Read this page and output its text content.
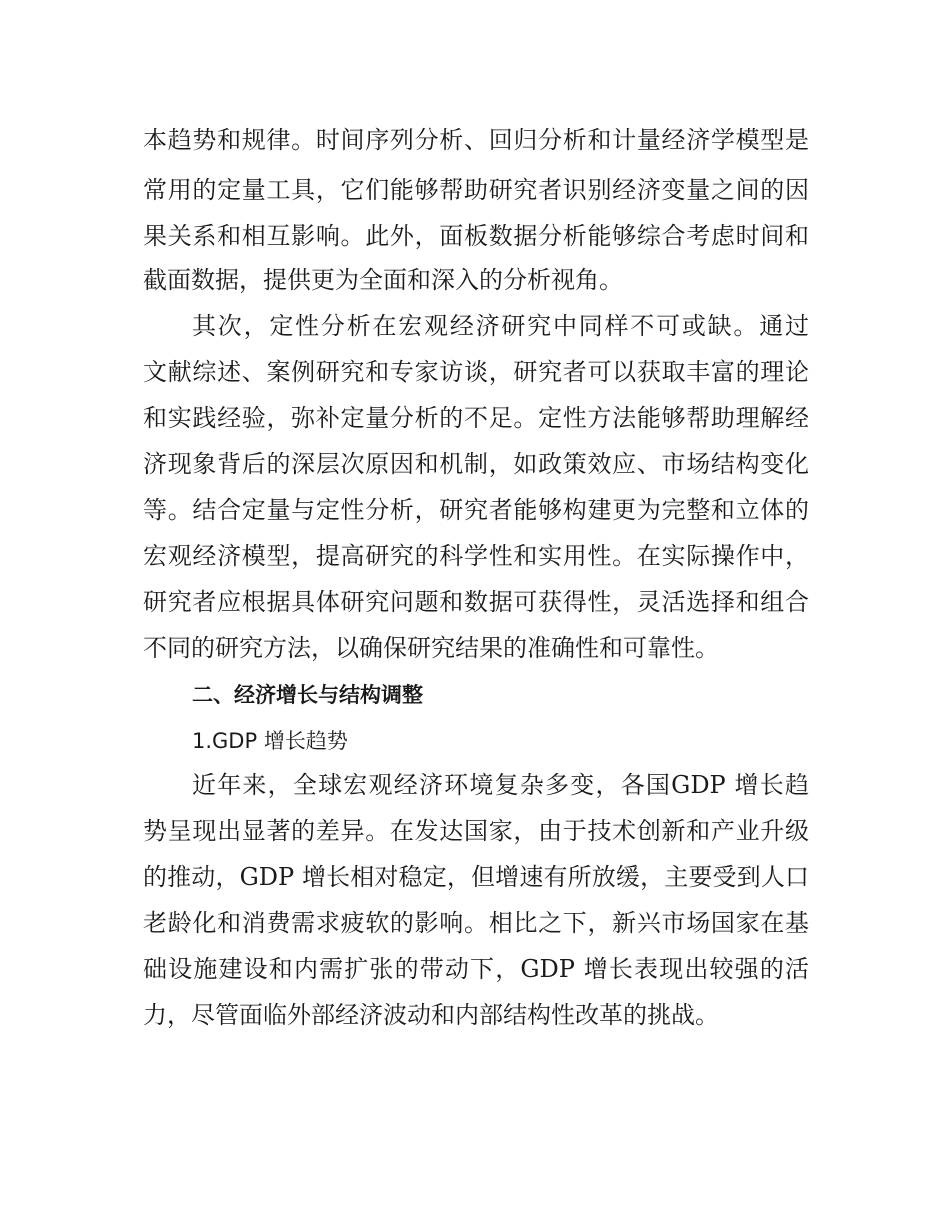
本趋势和规律。时间序列分析、回归分析和计量经济学模型是
常用的定量工具，它们能够帮助研究者识别经济变量之间的因
果关系和相互影响。此外，面板数据分析能够综合考虑时间和
截面数据，提供更为全面和深入的分析视角。
其次，定性分析在宏观经济研究中同样不可或缺。通过
文献综述、案例研究和专家访谈，研究者可以获取丰富的理论
和实践经验，弥补定量分析的不足。定性方法能够帮助理解经
济现象背后的深层次原因和机制，如政策效应、市场结构变化
等。结合定量与定性分析，研究者能够构建更为完整和立体的
宏观经济模型，提高研究的科学性和实用性。在实际操作中，
研究者应根据具体研究问题和数据可获得性，灵活选择和组合
不同的研究方法，以确保研究结果的准确性和可靠性。
二、经济增长与结构调整
1.GDP 增长趋势
近年来，全球宏观经济环境复杂多变，各国GDP 增长趋
势呈现出显著的差异。在发达国家，由于技术创新和产业升级
的推动，GDP 增长相对稳定，但增速有所放缓，主要受到人口
老龄化和消费需求疲软的影响。相比之下，新兴市场国家在基
础设施建设和内需扩张的带动下，GDP 增长表现出较强的活
力，尽管面临外部经济波动和内部结构性改革的挑战。
